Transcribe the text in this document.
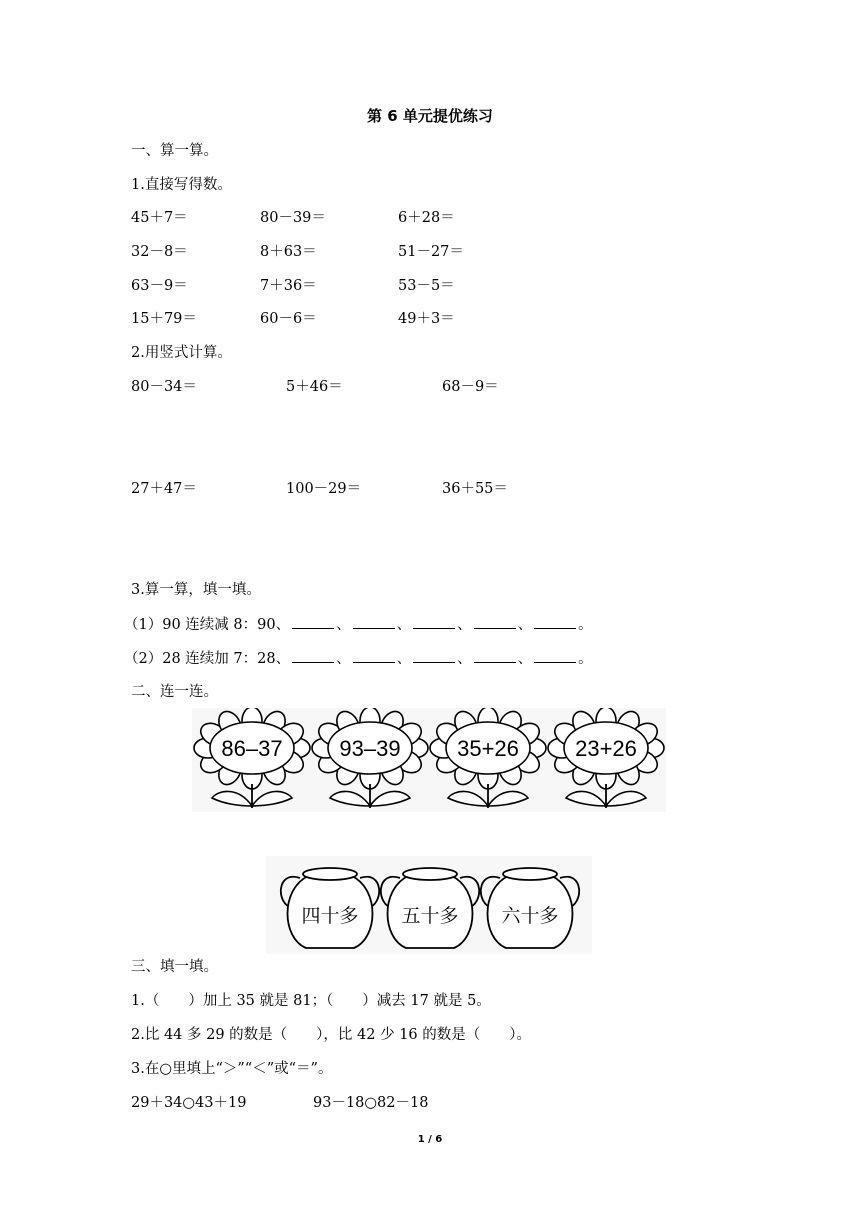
第 6 单元提优练习
一、算一算。
1.直接写得数。
45＋7＝	80－39＝	6＋28＝
32－8＝	8＋63＝	51－27＝
63－9＝	7＋36＝	53－5＝
15＋79＝	60－6＝	49＋3＝
2.用竖式计算。
80－34＝	5＋46＝	68－9＝
27＋47＝	100－29＝	36＋55＝
3.算一算，填一填。
（1）90 连续减 8：90、	、	、	、	、	。
（2）28 连续加 7：28、	、	、	、	、	。
二、连一连。
86–37	93–39	35+26	23+26
四十多 五十多 六十多
三、填一填。
1.（　　）加上 35 就是 81；（　　）减去 17 就是 5。
2.比 44 多 29 的数是（　　），比 42 少 16 的数是（　　）。
3.在○里填上“＞”“＜”或“＝”。
29＋34○43＋19	93－18○82－18
1 / 6
